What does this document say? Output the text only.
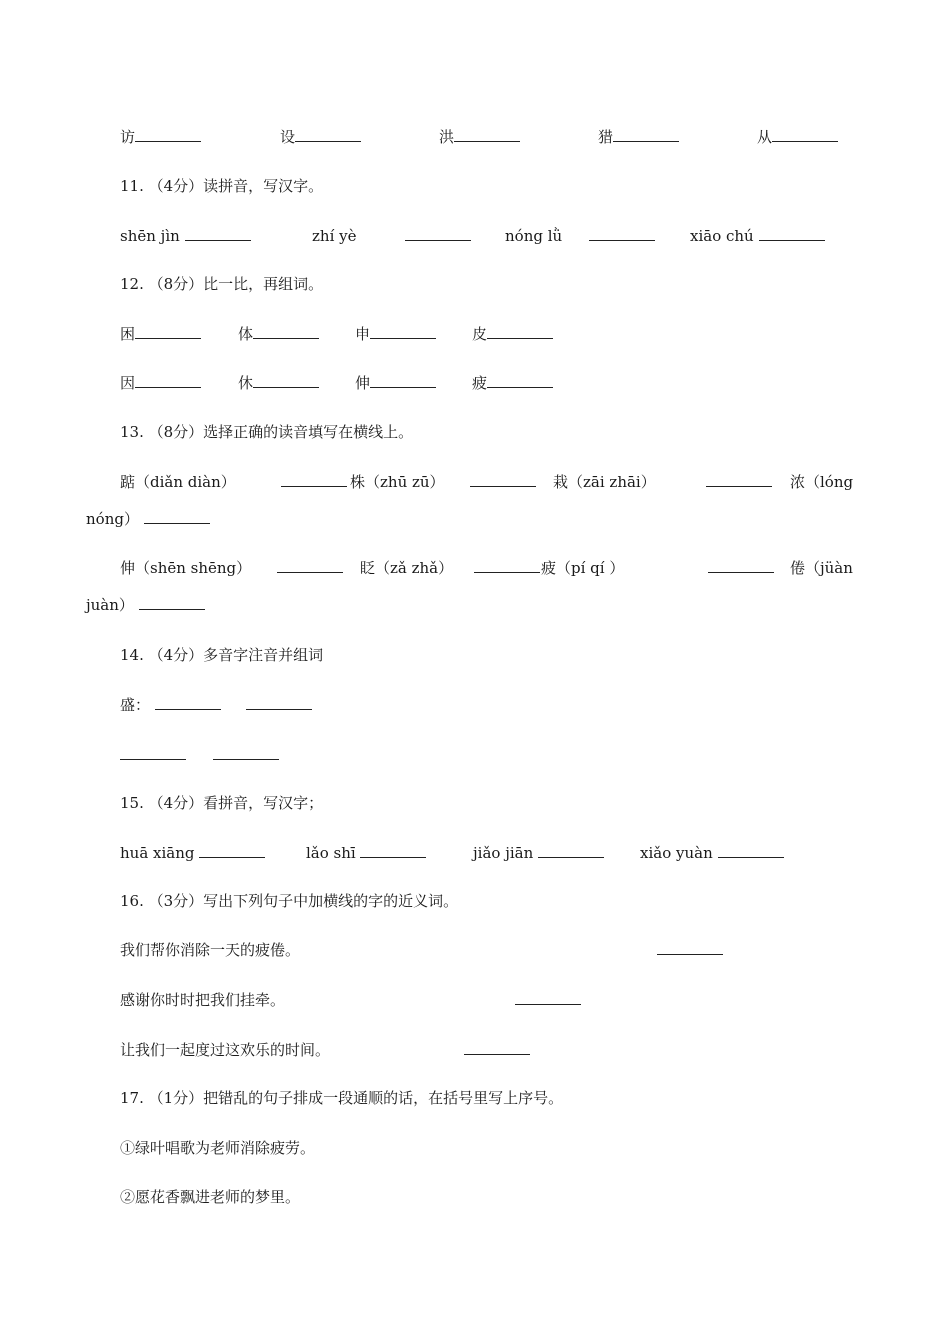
访	设	洪	猎	从
11. （4分）读拼音，写汉字。
shēn jìn	zhí yè	nóng lǜ	xiāo chú
12. （8分）比一比，再组词。
困	体	申	皮
因	休	伸	疲
13. （8分）选择正确的读音填写在横线上。
踮（diǎn diàn）	株（zhū zū）	栽（zāi zhāi）	浓（lóng
nóng）
伸（shēn shēng）	眨（zǎ zhǎ）	疲（pí qí ）	倦（jüàn
juàn）
14. （4分）多音字注音并组词
盛：
15. （4分）看拼音，写汉字；
huā xiāng	lǎo shī	jiǎo jiān	xiǎo yuàn
16. （3分）写出下列句子中加横线的字的近义词。
我们帮你消除一天的疲倦。
感谢你时时把我们挂牵。
让我们一起度过这欢乐的时间。
17. （1分）把错乱的句子排成一段通顺的话，在括号里写上序号。
①绿叶唱歌为老师消除疲劳。
②愿花香飘进老师的梦里。
